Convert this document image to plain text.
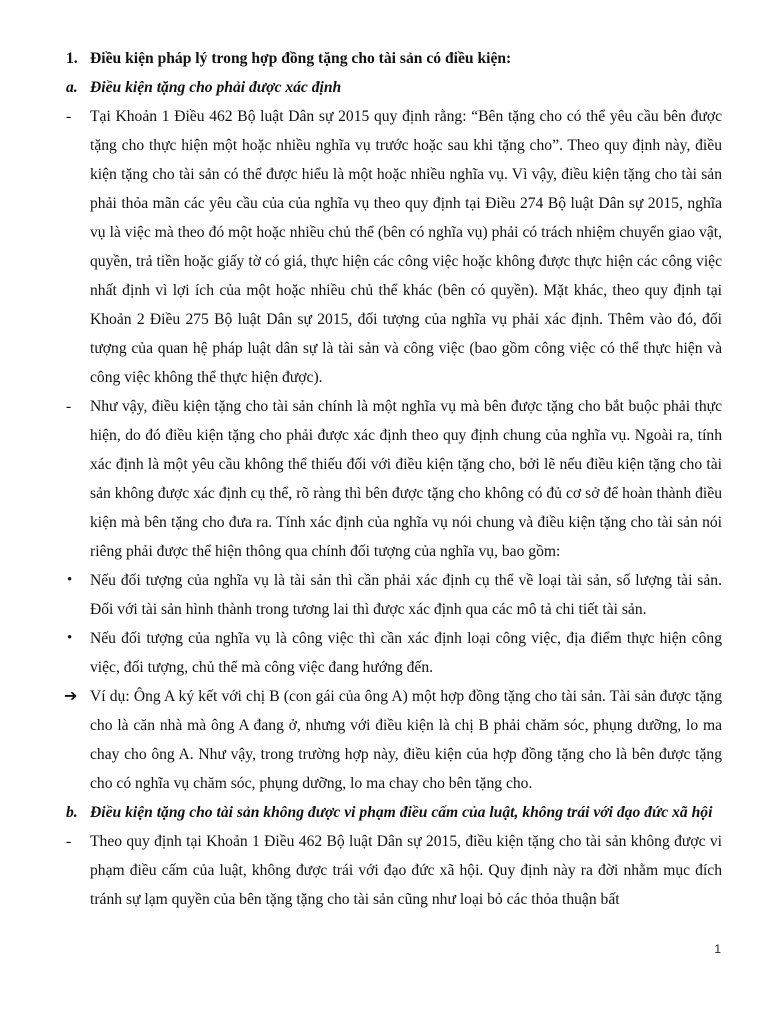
1. Điều kiện pháp lý trong hợp đồng tặng cho tài sản có điều kiện:

a. Điều kiện tặng cho phải được xác định

- Tại Khoản 1 Điều 462 Bộ luật Dân sự 2015 quy định rằng: “Bên tặng cho có thể yêu cầu bên được tặng cho thực hiện một hoặc nhiều nghĩa vụ trước hoặc sau khi tặng cho”. Theo quy định này, điều kiện tặng cho tài sản có thể được hiểu là một hoặc nhiều nghĩa vụ. Vì vậy, điều kiện tặng cho tài sản phải thỏa mãn các yêu cầu của của nghĩa vụ theo quy định tại Điều 274 Bộ luật Dân sự 2015, nghĩa vụ là việc mà theo đó một hoặc nhiều chủ thể (bên có nghĩa vụ) phải có trách nhiệm chuyển giao vật, quyền, trả tiền hoặc giấy tờ có giá, thực hiện các công việc hoặc không được thực hiện các công việc nhất định vì lợi ích của một hoặc nhiều chủ thể khác (bên có quyền). Mặt khác, theo quy định tại Khoản 2 Điều 275 Bộ luật Dân sự 2015, đối tượng của nghĩa vụ phải xác định. Thêm vào đó, đối tượng của quan hệ pháp luật dân sự là tài sản và công việc (bao gồm công việc có thể thực hiện và công việc không thể thực hiện được).

- Như vậy, điều kiện tặng cho tài sản chính là một nghĩa vụ mà bên được tặng cho bắt buộc phải thực hiện, do đó điều kiện tặng cho phải được xác định theo quy định chung của nghĩa vụ. Ngoài ra, tính xác định là một yêu cầu không thể thiếu đối với điều kiện tặng cho, bởi lẽ nếu điều kiện tặng cho tài sản không được xác định cụ thể, rõ ràng thì bên được tặng cho không có đủ cơ sở để hoàn thành điều kiện mà bên tặng cho đưa ra. Tính xác định của nghĩa vụ nói chung và điều kiện tặng cho tài sản nói riêng phải được thể hiện thông qua chính đối tượng của nghĩa vụ, bao gồm:

• Nếu đối tượng của nghĩa vụ là tài sản thì cần phải xác định cụ thể về loại tài sản, số lượng tài sản. Đối với tài sản hình thành trong tương lai thì được xác định qua các mô tả chi tiết tài sản.

• Nếu đối tượng của nghĩa vụ là công việc thì cần xác định loại công việc, địa điểm thực hiện công việc, đối tượng, chủ thể mà công việc đang hướng đến.

➔ Ví dụ: Ông A ký kết với chị B (con gái của ông A) một hợp đồng tặng cho tài sản. Tài sản được tặng cho là căn nhà mà ông A đang ở, nhưng với điều kiện là chị B phải chăm sóc, phụng dưỡng, lo ma chay cho ông A. Như vậy, trong trường hợp này, điều kiện của hợp đồng tặng cho là bên được tặng cho có nghĩa vụ chăm sóc, phụng dưỡng, lo ma chay cho bên tặng cho.

b. Điều kiện tặng cho tài sản không được vi phạm điều cấm của luật, không trái với đạo đức xã hội

- Theo quy định tại Khoản 1 Điều 462 Bộ luật Dân sự 2015, điều kiện tặng cho tài sản không được vi phạm điều cấm của luật, không được trái với đạo đức xã hội. Quy định này ra đời nhằm mục đích tránh sự lạm quyền của bên tặng tặng cho tài sản cũng như loại bỏ các thỏa thuận bất

1
